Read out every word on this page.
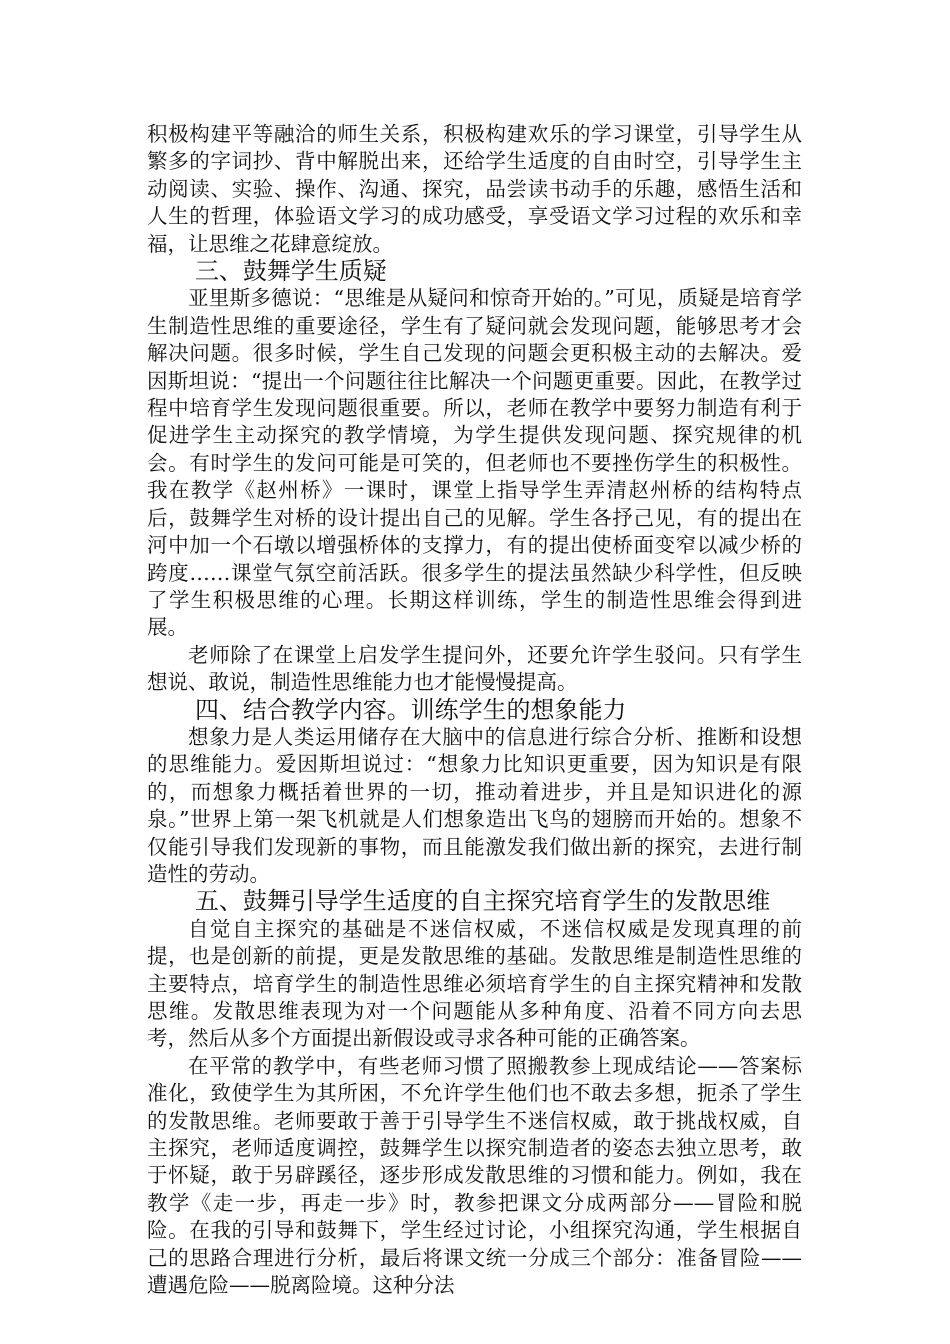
积极构建平等融洽的师生关系，积极构建欢乐的学习课堂，引导学生从繁多的字词抄、背中解脱出来，还给学生适度的自由时空，引导学生主动阅读、实验、操作、沟通、探究，品尝读书动手的乐趣，感悟生活和人生的哲理，体验语文学习的成功感受，享受语文学习过程的欢乐和幸福，让思维之花肆意绽放。

三、鼓舞学生质疑

亚里斯多德说：“思维是从疑问和惊奇开始的。”可见，质疑是培育学生制造性思维的重要途径，学生有了疑问就会发现问题，能够思考才会解决问题。很多时候，学生自己发现的问题会更积极主动的去解决。爱因斯坦说：“提出一个问题往往比解决一个问题更重要。因此，在教学过程中培育学生发现问题很重要。所以，老师在教学中要努力制造有利于促进学生主动探究的教学情境，为学生提供发现问题、探究规律的机会。有时学生的发问可能是可笑的，但老师也不要挫伤学生的积极性。我在教学《赵州桥》一课时，课堂上指导学生弄清赵州桥的结构特点后，鼓舞学生对桥的设计提出自己的见解。学生各抒己见，有的提出在河中加一个石墩以增强桥体的支撑力，有的提出使桥面变窄以减少桥的跨度……课堂气氛空前活跃。很多学生的提法虽然缺少科学性，但反映了学生积极思维的心理。长期这样训练，学生的制造性思维会得到进展。

老师除了在课堂上启发学生提问外，还要允许学生驳问。只有学生想说、敢说，制造性思维能力也才能慢慢提高。

四、结合教学内容。训练学生的想象能力

想象力是人类运用储存在大脑中的信息进行综合分析、推断和设想的思维能力。爱因斯坦说过：“想象力比知识更重要，因为知识是有限的，而想象力概括着世界的一切，推动着进步，并且是知识进化的源泉。”世界上第一架飞机就是人们想象造出飞鸟的翅膀而开始的。想象不仅能引导我们发现新的事物，而且能激发我们做出新的探究，去进行制造性的劳动。

五、鼓舞引导学生适度的自主探究培育学生的发散思维

自觉自主探究的基础是不迷信权威，不迷信权威是发现真理的前提，也是创新的前提，更是发散思维的基础。发散思维是制造性思维的主要特点，培育学生的制造性思维必须培育学生的自主探究精神和发散思维。发散思维表现为对一个问题能从多种角度、沿着不同方向去思考，然后从多个方面提出新假设或寻求各种可能的正确答案。

在平常的教学中，有些老师习惯了照搬教参上现成结论——答案标准化，致使学生为其所困，不允许学生他们也不敢去多想，扼杀了学生的发散思维。老师要敢于善于引导学生不迷信权威，敢于挑战权威，自主探究，老师适度调控，鼓舞学生以探究制造者的姿态去独立思考，敢于怀疑，敢于另辟蹊径，逐步形成发散思维的习惯和能力。例如，我在教学《走一步，再走一步》时，教参把课文分成两部分——冒险和脱险。在我的引导和鼓舞下，学生经过讨论，小组探究沟通，学生根据自己的思路合理进行分析，最后将课文统一分成三个部分：准备冒险——遭遇危险——脱离险境。这种分法
